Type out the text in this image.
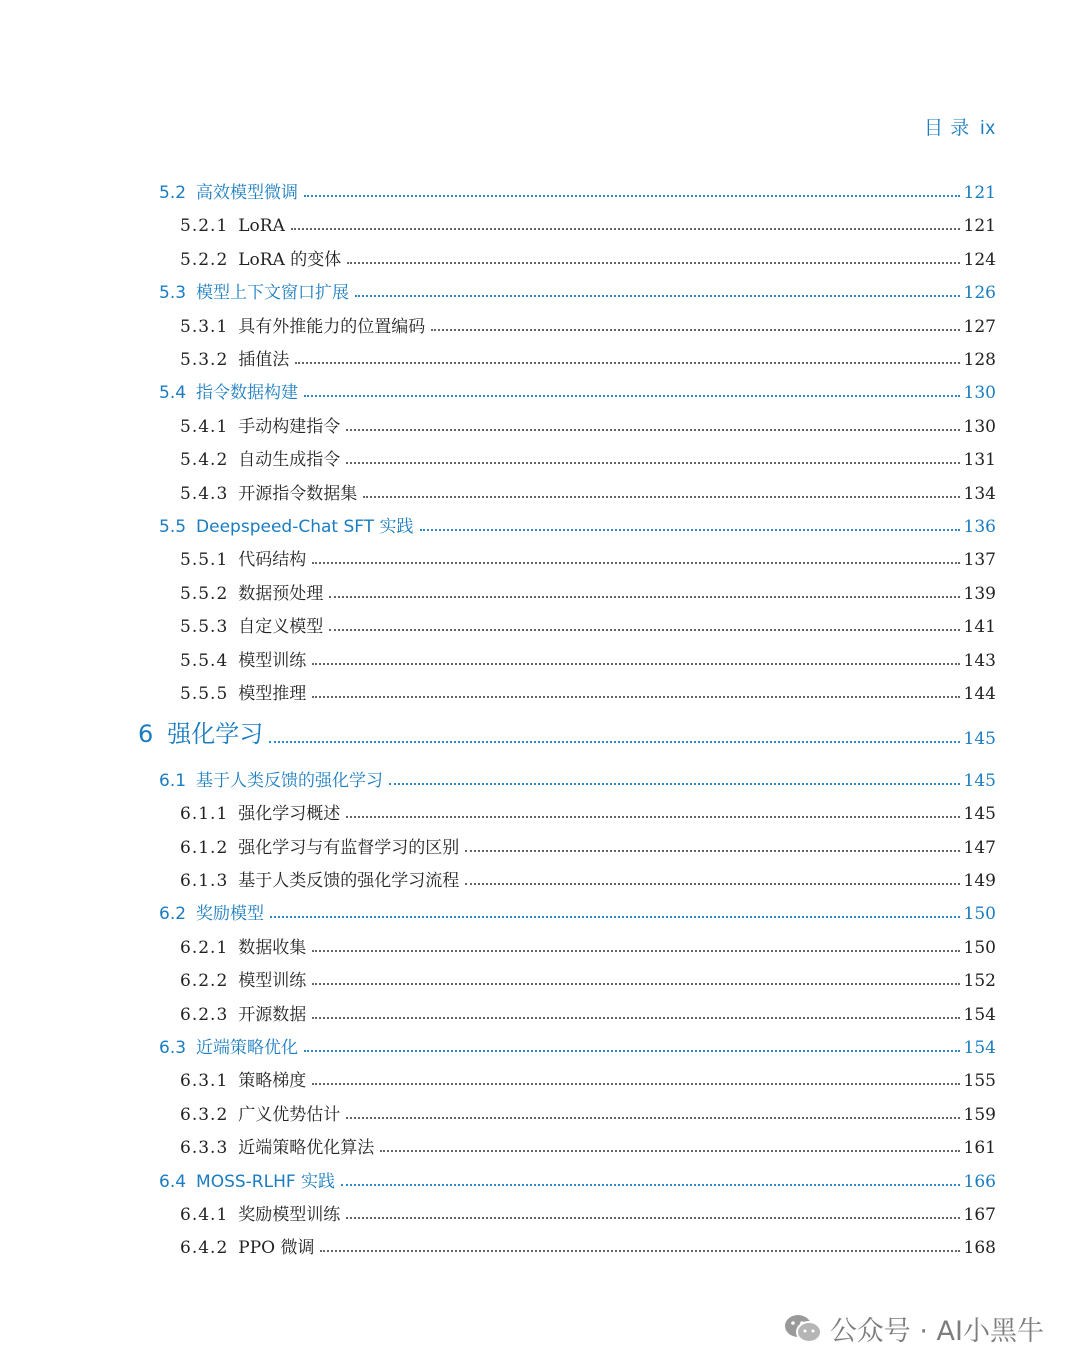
目 录 ix
5.2 高效模型微调	121
5.2.1 LoRA	121
5.2.2 LoRA 的变体	124
5.3 模型上下文窗口扩展	126
5.3.1 具有外推能力的位置编码	127
5.3.2 插值法	128
5.4 指令数据构建	130
5.4.1 手动构建指令	130
5.4.2 自动生成指令	131
5.4.3 开源指令数据集	134
5.5 Deepspeed-Chat SFT 实践	136
5.5.1 代码结构	137
5.5.2 数据预处理	139
5.5.3 自定义模型	141
5.5.4 模型训练	143
5.5.5 模型推理	144
6 强化学习	145
6.1 基于人类反馈的强化学习	145
6.1.1 强化学习概述	145
6.1.2 强化学习与有监督学习的区别	147
6.1.3 基于人类反馈的强化学习流程	149
6.2 奖励模型	150
6.2.1 数据收集	150
6.2.2 模型训练	152
6.2.3 开源数据	154
6.3 近端策略优化	154
6.3.1 策略梯度	155
6.3.2 广义优势估计	159
6.3.3 近端策略优化算法	161
6.4 MOSS-RLHF 实践	166
6.4.1 奖励模型训练	167
6.4.2 PPO 微调	168
公众号 · AI小黑牛
